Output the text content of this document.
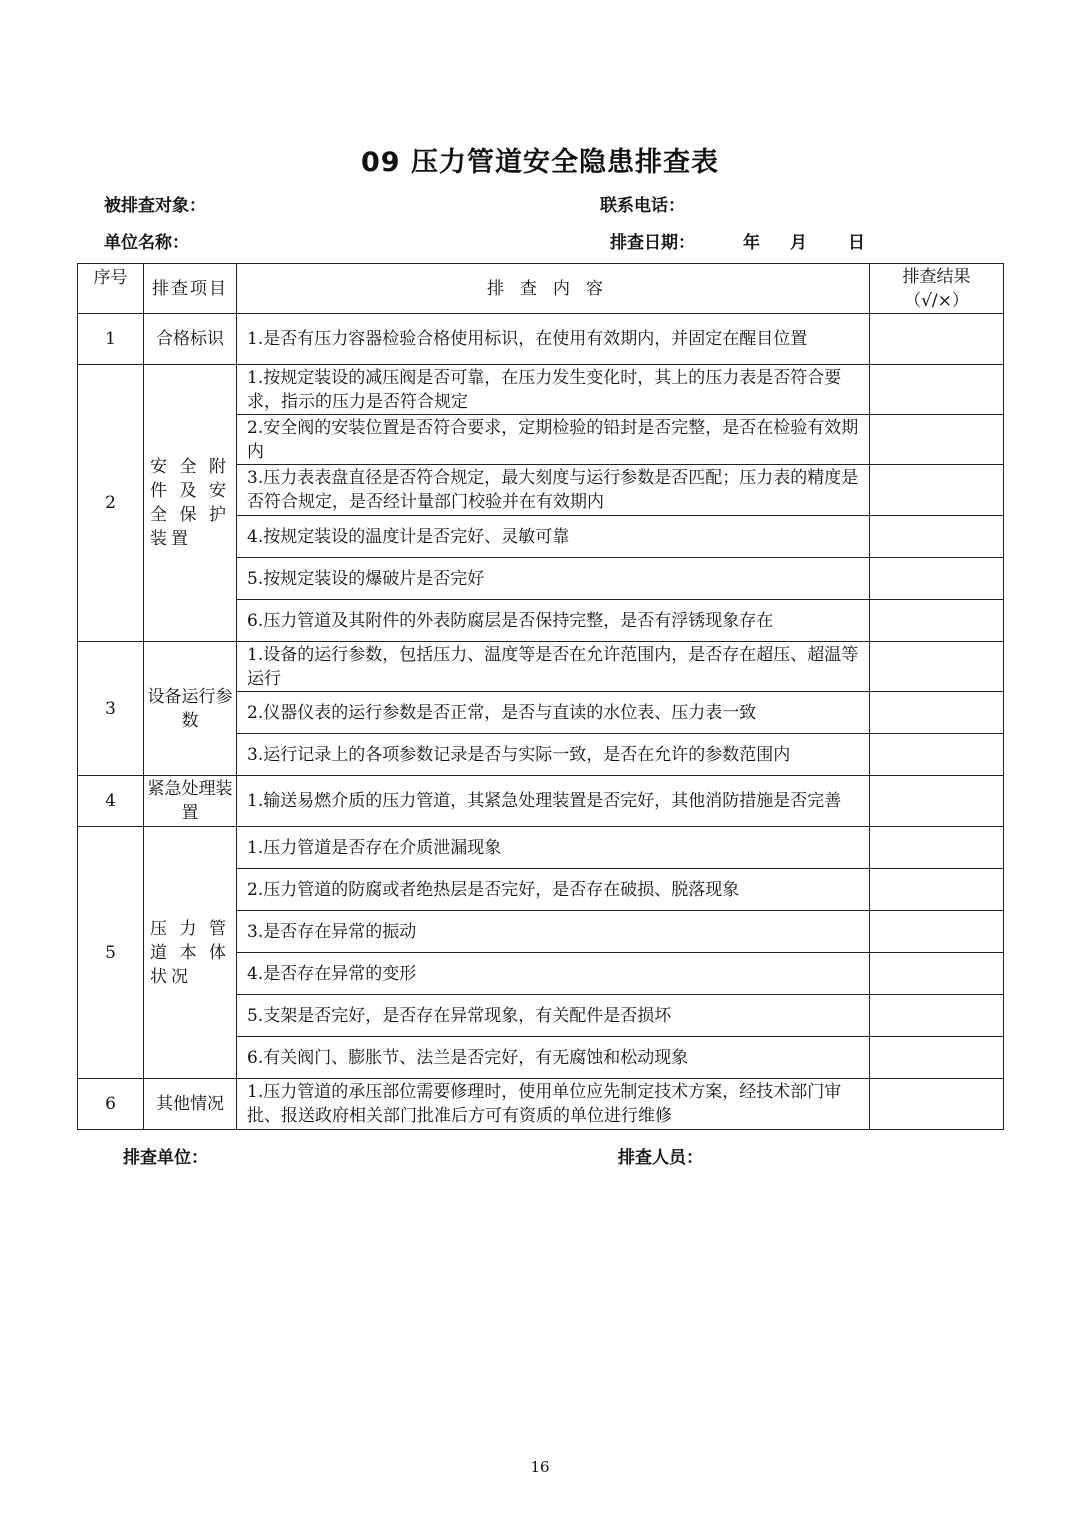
09 压力管道安全隐患排查表
被排查对象：	联系电话：
单位名称：	排查日期：	年 月 日
序号	排查项目	排查内容	排查结果
（√/×）

1	合格标识	1.是否有压力容器检验合格使用标识，在使用有效期内，并固定在醒目位置	
2	安全附件及安全保护装置	1.按规定装设的减压阀是否可靠，在压力发生变化时，其上的压力表是否符合要求，指示的压力是否符合规定	
		2.安全阀的安装位置是否符合要求，定期检验的铅封是否完整，是否在检验有效期内	
		3.压力表表盘直径是否符合规定，最大刻度与运行参数是否匹配；压力表的精度是否符合规定，是否经计量部门校验并在有效期内	
		4.按规定装设的温度计是否完好、灵敏可靠	
		5.按规定装设的爆破片是否完好	
		6.压力管道及其附件的外表防腐层是否保持完整，是否有浮锈现象存在	
3	设备运行参数	1.设备的运行参数，包括压力、温度等是否在允许范围内，是否存在超压、超温等运行	
		2.仪器仪表的运行参数是否正常，是否与直读的水位表、压力表一致	
		3.运行记录上的各项参数记录是否与实际一致，是否在允许的参数范围内	
4	紧急处理装置	1.输送易燃介质的压力管道，其紧急处理装置是否完好，其他消防措施是否完善	
5	压力管道本体状况	1.压力管道是否存在介质泄漏现象	
		2.压力管道的防腐或者绝热层是否完好，是否存在破损、脱落现象	
		3.是否存在异常的振动	
		4.是否存在异常的变形	
		5.支架是否完好，是否存在异常现象，有关配件是否损坏	
		6.有关阀门、膨胀节、法兰是否完好，有无腐蚀和松动现象	
6	其他情况	1.压力管道的承压部位需要修理时，使用单位应先制定技术方案，经技术部门审批、报送政府相关部门批准后方可有资质的单位进行维修	
排查单位：	排查人员：
16
